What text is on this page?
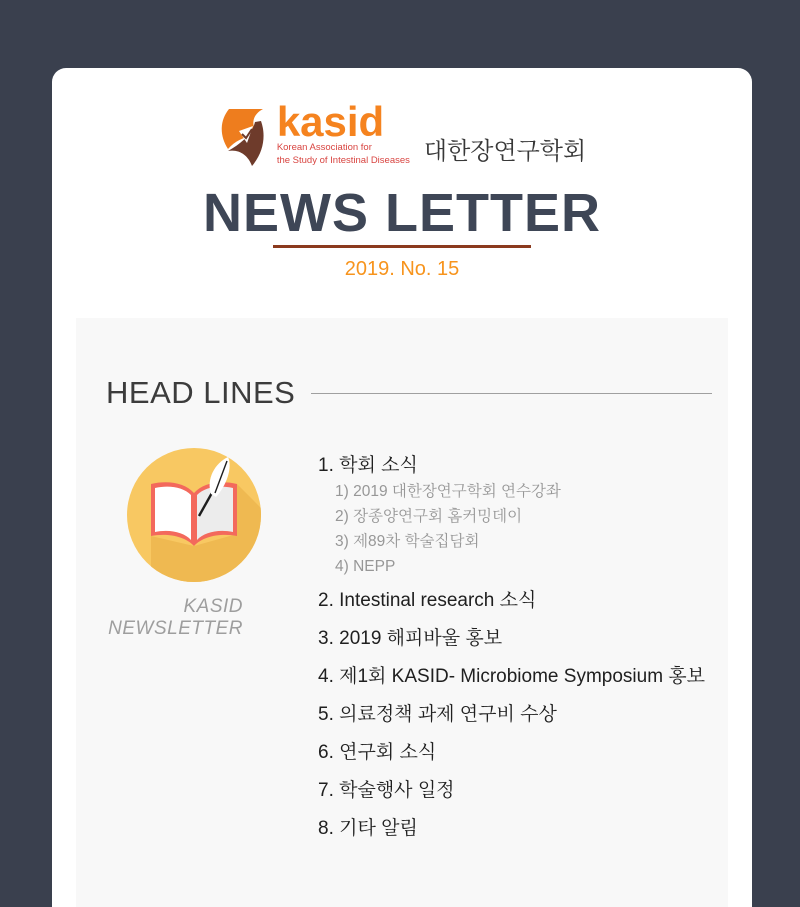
kasid
Korean Association for
the Study of Intestinal Diseases 대한장연구학회
NEWS LETTER
2019. No. 15
HEAD LINES
KASID
NEWSLETTER
1. 학회 소식
1) 2019 대한장연구학회 연수강좌
2) 장종양연구회 홈커밍데이
3) 제89차 학술집담회
4) NEPP
2. Intestinal research 소식
3. 2019 해피바울 홍보
4. 제1회 KASID- Microbiome Symposium 홍보
5. 의료정책 과제 연구비 수상
6. 연구회 소식
7. 학술행사 일정
8. 기타 알림
